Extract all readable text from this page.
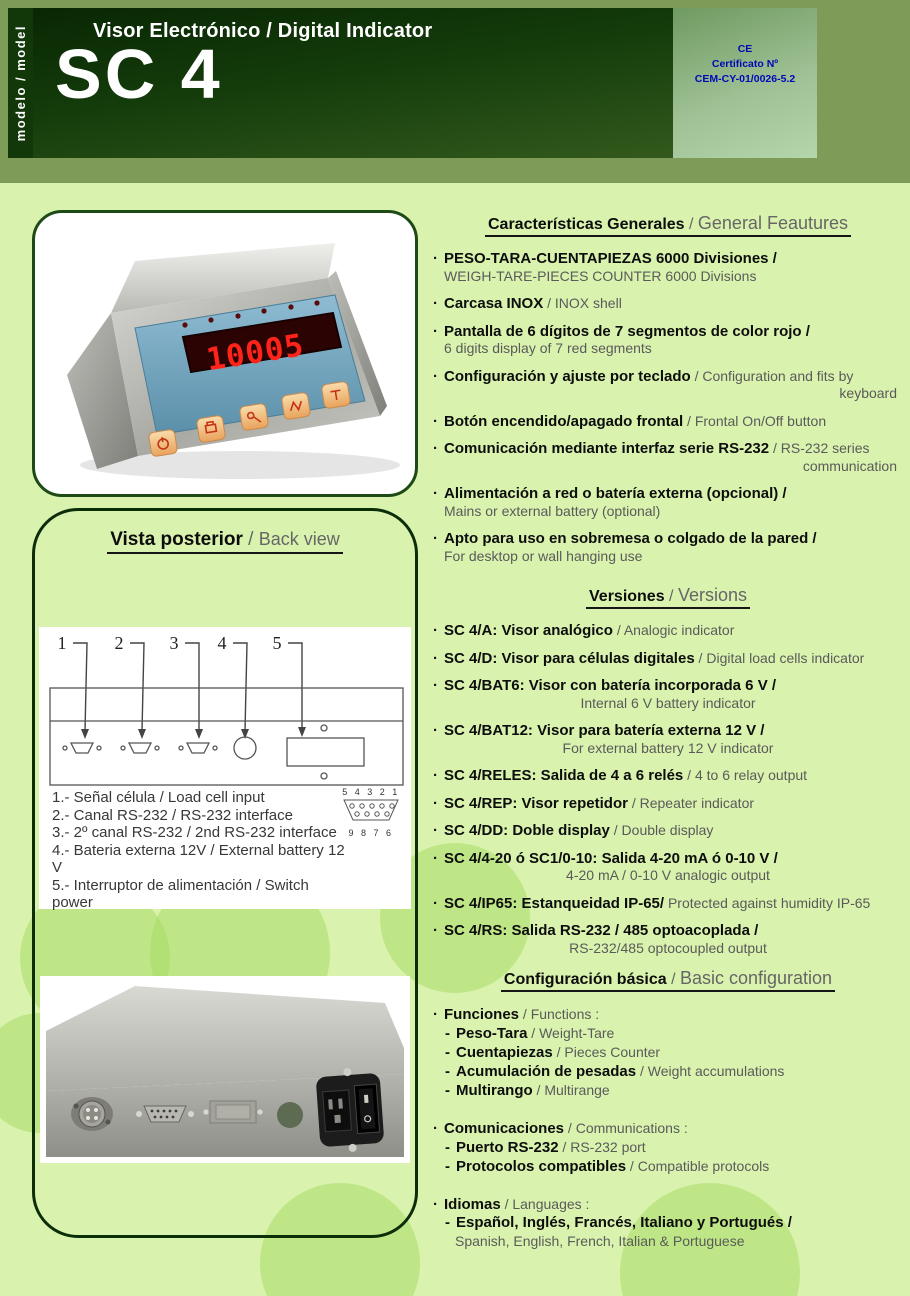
modelo / model	Visor Electrónico / Digital Indicator
SC 4	CE
Certificato Nº
CEM-CY-01/0026-5.2
10005
Vista posterior / Back view
1	2	3 4	5
1.- Señal célula / Load cell input
2.- Canal RS-232 / RS-232 interface
3.- 2º canal RS-232 / 2nd RS-232 interface
4.- Bateria externa 12V / External battery 12 V
5.- Interruptor de alimentación / Switch power
5 4 3 2 1
9 8 7 6
Características Generales / General Feautures
· PESO-TARA-CUENTAPIEZAS 6000 Divisiones /
WEIGH-TARE-PIECES COUNTER 6000 Divisions
· Carcasa INOX / INOX shell
· Pantalla de 6 dígitos de 7 segmentos de color rojo /
6 digits display of 7 red segments
· Configuración y ajuste por teclado / Configuration and fits by
keyboard
· Botón encendido/apagado frontal / Frontal On/Off button
· Comunicación mediante interfaz serie RS-232 / RS-232 series
communication
· Alimentación a red o batería externa (opcional) /
Mains or external battery (optional)
· Apto para uso en sobremesa o colgado de la pared /
For desktop or wall hanging use
Versiones / Versions
· SC 4/A: Visor analógico / Analogic indicator
· SC 4/D: Visor para células digitales / Digital load cells indicator
· SC 4/BAT6: Visor con batería incorporada 6 V /
Internal 6 V battery indicator
· SC 4/BAT12: Visor para batería externa 12 V /
For external battery 12 V indicator
· SC 4/RELES: Salida de 4 a 6 relés / 4 to 6 relay output
· SC 4/REP: Visor repetidor / Repeater indicator
· SC 4/DD: Doble display / Double display
· SC 4/4-20 ó SC1/0-10: Salida 4-20 mA ó 0-10 V /
4-20 mA / 0-10 V analogic output
· SC 4/IP65: Estanqueidad IP-65/ Protected against humidity IP-65
· SC 4/RS: Salida RS-232 / 485 optoacoplada /
RS-232/485 optocoupled output
Configuración básica / Basic configuration
· Funciones / Functions :
- Peso-Tara / Weight-Tare
- Cuentapiezas / Pieces Counter
- Acumulación de pesadas / Weight accumulations
- Multirango / Multirange
· Comunicaciones / Communications :
- Puerto RS-232 / RS-232 port
- Protocolos compatibles / Compatible protocols
· Idiomas / Languages :
- Español, Inglés, Francés, Italiano y Portugués /
Spanish, English, French, Italian & Portuguese
